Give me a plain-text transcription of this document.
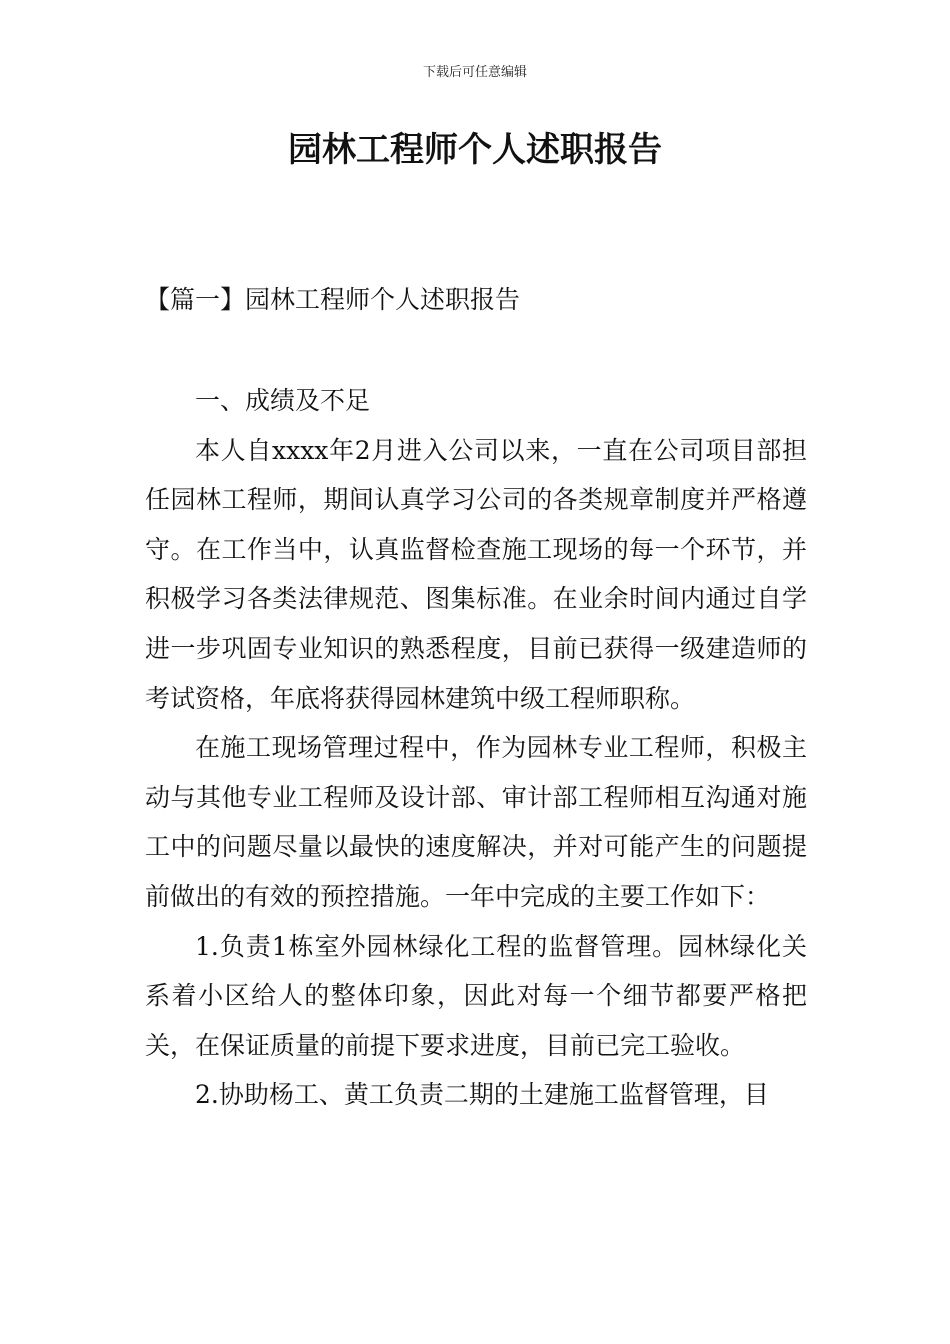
下载后可任意编辑
园林工程师个人述职报告
【篇一】园林工程师个人述职报告

一、成绩及不足

本人自xxxx年2月进入公司以来，一直在公司项目部担任园林工程师，期间认真学习公司的各类规章制度并严格遵守。在工作当中，认真监督检查施工现场的每一个环节，并积极学习各类法律规范、图集标准。在业余时间内通过自学进一步巩固专业知识的熟悉程度，目前已获得一级建造师的考试资格，年底将获得园林建筑中级工程师职称。

在施工现场管理过程中，作为园林专业工程师，积极主动与其他专业工程师及设计部、审计部工程师相互沟通对施工中的问题尽量以最快的速度解决，并对可能产生的问题提前做出的有效的预控措施。一年中完成的主要工作如下：

1.负责1栋室外园林绿化工程的监督管理。园林绿化关系着小区给人的整体印象，因此对每一个细节都要严格把关，在保证质量的前提下要求进度，目前已完工验收。

2.协助杨工、黄工负责二期的土建施工监督管理，目
